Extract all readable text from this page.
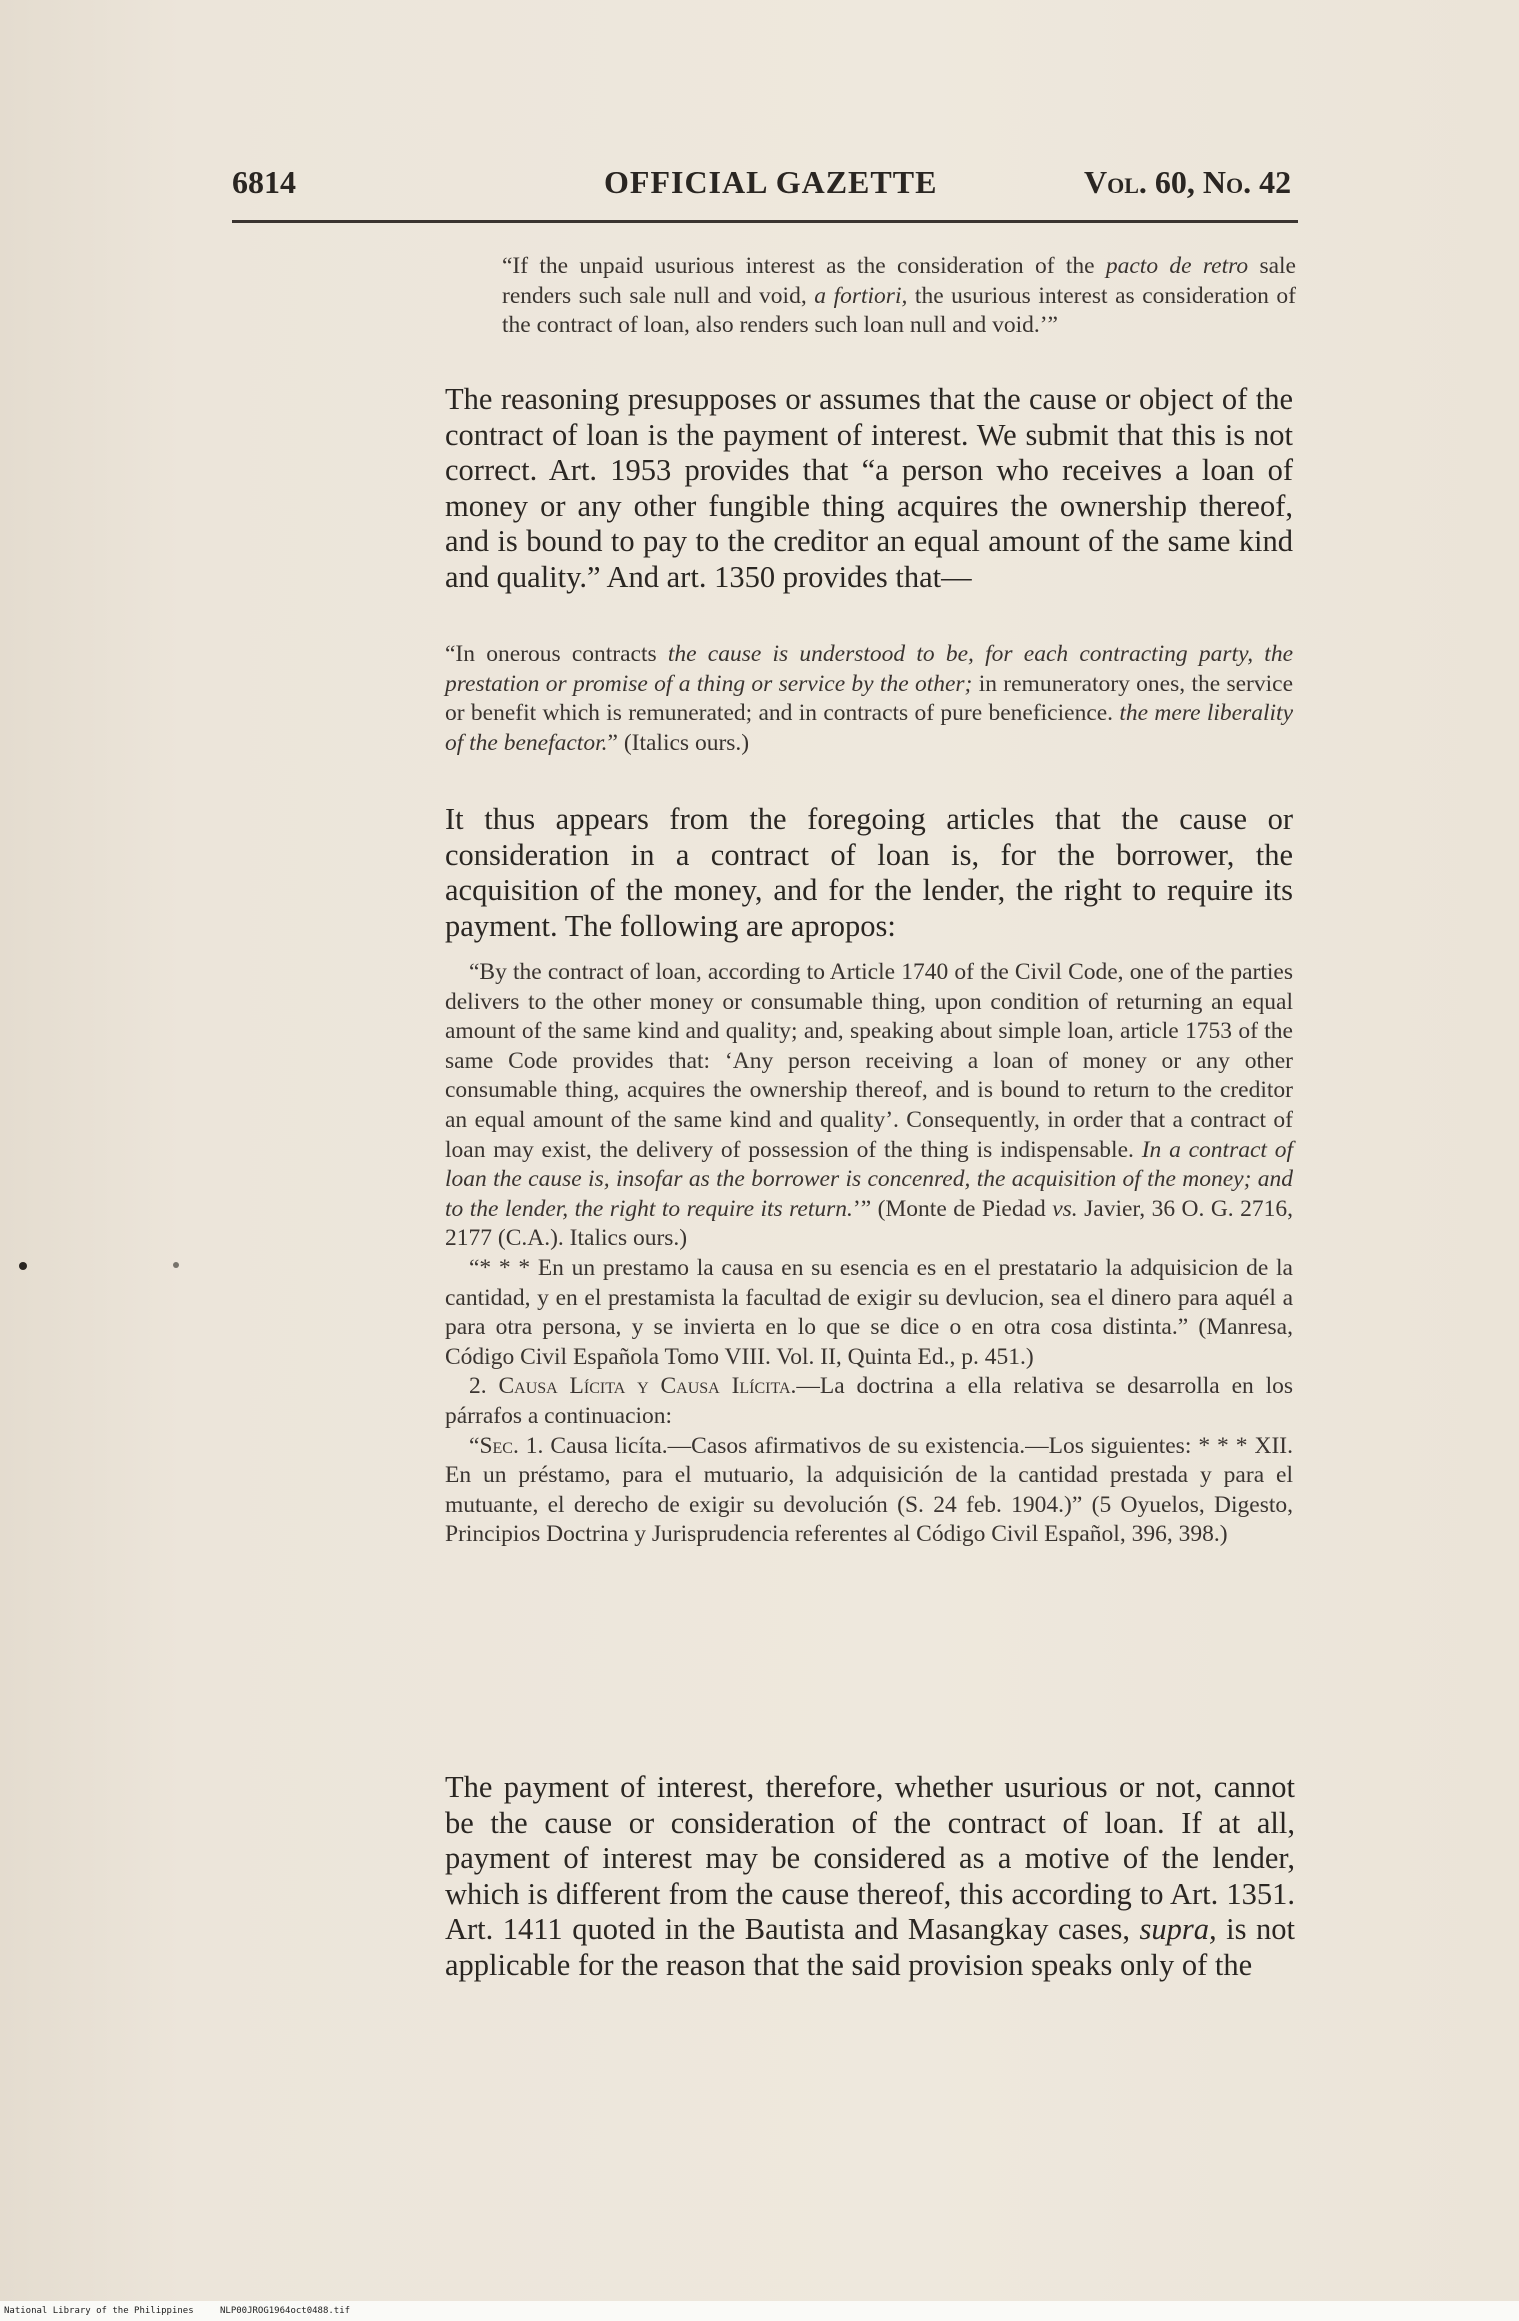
6814	OFFICIAL GAZETTE	Vol. 60, No. 42
“If the unpaid usurious interest as the consideration of the pacto de retro sale renders such sale null and void, a fortiori, the usurious interest as consideration of the contract of loan, also renders such loan null and void.’”
The reasoning presupposes or assumes that the cause or object of the contract of loan is the payment of interest. We submit that this is not correct. Art. 1953 provides that “a person who receives a loan of money or any other fungible thing acquires the ownership thereof, and is bound to pay to the creditor an equal amount of the same kind and quality.” And art. 1350 provides that—
“In onerous contracts the cause is understood to be, for each contracting party, the prestation or promise of a thing or service by the other; in remuneratory ones, the service or benefit which is remunerated; and in contracts of pure beneficience. the mere liberality of the benefactor.” (Italics ours.)
It thus appears from the foregoing articles that the cause or consideration in a contract of loan is, for the borrower, the acquisition of the money, and for the lender, the right to require its payment. The following are apropos:

“By the contract of loan, according to Article 1740 of the Civil Code, one of the parties delivers to the other money or consumable thing, upon condition of returning an equal amount of the same kind and quality; and, speaking about simple loan, article 1753 of the same Code provides that: ‘Any person receiving a loan of money or any other consumable thing, acquires the ownership thereof, and is bound to return to the creditor an equal amount of the same kind and quality’. Consequently, in order that a contract of loan may exist, the delivery of possession of the thing is indispensable. In a contract of loan the cause is, insofar as the borrower is concenred, the acquisition of the money; and to the lender, the right to require its return.’” (Monte de Piedad vs. Javier, 36 O. G. 2716, 2177 (C.A.). Italics ours.)

“* * * En un prestamo la causa en su esencia es en el prestatario la adquisicion de la cantidad, y en el prestamista la facultad de exigir su devlucion, sea el dinero para aquél a para otra persona, y se invierta en lo que se dice o en otra cosa distinta.” (Manresa, Código Civil Española Tomo VIII. Vol. II, Quinta Ed., p. 451.)

2. Causa Lícita y Causa Ilícita.—La doctrina a ella relativa se desarrolla en los párrafos a continuacion:

“Sec. 1. Causa licíta.—Casos afirmativos de su existencia.—Los siguientes: * * * XII. En un préstamo, para el mutuario, la adquisición de la cantidad prestada y para el mutuante, el derecho de exigir su devolución (S. 24 feb. 1904.)” (5 Oyuelos, Digesto, Principios Doctrina y Jurisprudencia referentes al Código Civil Español, 396, 398.)

The payment of interest, therefore, whether usurious or not, cannot be the cause or consideration of the contract of loan. If at all, payment of interest may be considered as a motive of the lender, which is different from the cause thereof, this according to Art. 1351. Art. 1411 quoted in the Bautista and Masangkay cases, supra, is not applicable for the reason that the said provision speaks only of the
National Library of the Philippines	NLP00JROG1964oct0488.tif
